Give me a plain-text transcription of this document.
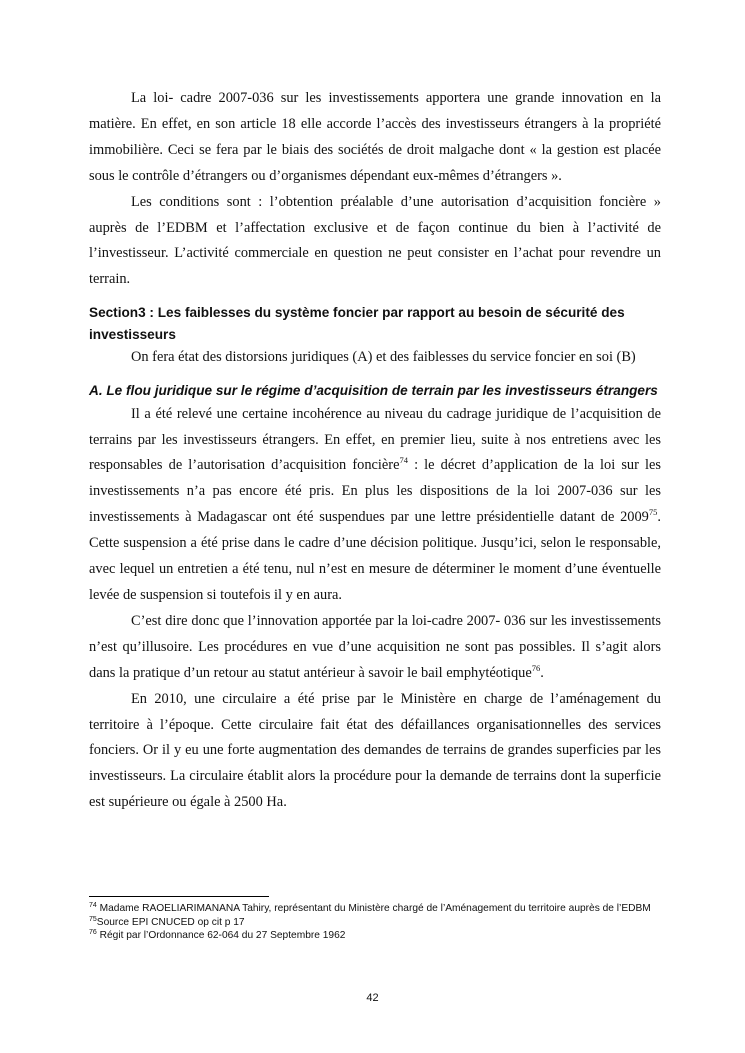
La loi- cadre 2007-036 sur les investissements apportera une grande innovation en la matière. En effet, en son article 18 elle accorde l’accès des investisseurs étrangers à la propriété immobilière. Ceci se fera par le biais des sociétés de droit malgache dont « la gestion est placée sous le contrôle d’étrangers ou d’organismes dépendant eux-mêmes d’étrangers ».

Les conditions sont : l’obtention préalable d’une autorisation d’acquisition foncière » auprès de l’EDBM et l’affectation exclusive et de façon continue du bien à l’activité de l’investisseur. L’activité commerciale en question ne peut consister en l’achat pour revendre un terrain.

Section3 : Les faiblesses du système foncier par rapport au besoin de sécurité des investisseurs

On fera état des distorsions juridiques (A) et des faiblesses du service foncier en soi (B)

A. Le flou juridique sur le régime d’acquisition de terrain par les investisseurs étrangers

Il a été relevé une certaine incohérence au niveau du cadrage juridique de l’acquisition de terrains par les investisseurs étrangers. En effet, en premier lieu, suite à nos entretiens avec les responsables de l’autorisation d’acquisition foncière$^{74}$ : le décret d’application de la loi sur les investissements n’a pas encore été pris. En plus les dispositions de la loi 2007-036 sur les investissements à Madagascar ont été suspendues par une lettre présidentielle datant de 2009$^{75}$. Cette suspension a été prise dans le cadre d’une décision politique. Jusqu’ici, selon le responsable, avec lequel un entretien a été tenu, nul n’est en mesure de déterminer le moment d’une éventuelle levée de suspension si toutefois il y en aura.

C’est dire donc que l’innovation apportée par la loi-cadre 2007- 036 sur les investissements n’est qu’illusoire. Les procédures en vue d’une acquisition ne sont pas possibles. Il s’agit alors dans la pratique d’un retour au statut antérieur à savoir le bail emphytéotique$^{76}$.

En 2010, une circulaire a été prise par le Ministère en charge de l’aménagement du territoire à l’époque. Cette circulaire fait état des défaillances organisationnelles des services fonciers. Or il y eu une forte augmentation des demandes de terrains de grandes superficies par les investisseurs. La circulaire établit alors la procédure pour la demande de terrains dont la superficie est supérieure ou égale à 2500 Ha.

$^{74}$ Madame RAOELIARIMANANA Tahiry, représentant du Ministère chargé de l’Aménagement du territoire auprès de l’EDBM

$^{75}$Source EPI CNUCED op cit p 17

$^{76}$ Régit par l’Ordonnance 62-064 du 27 Septembre 1962

42
